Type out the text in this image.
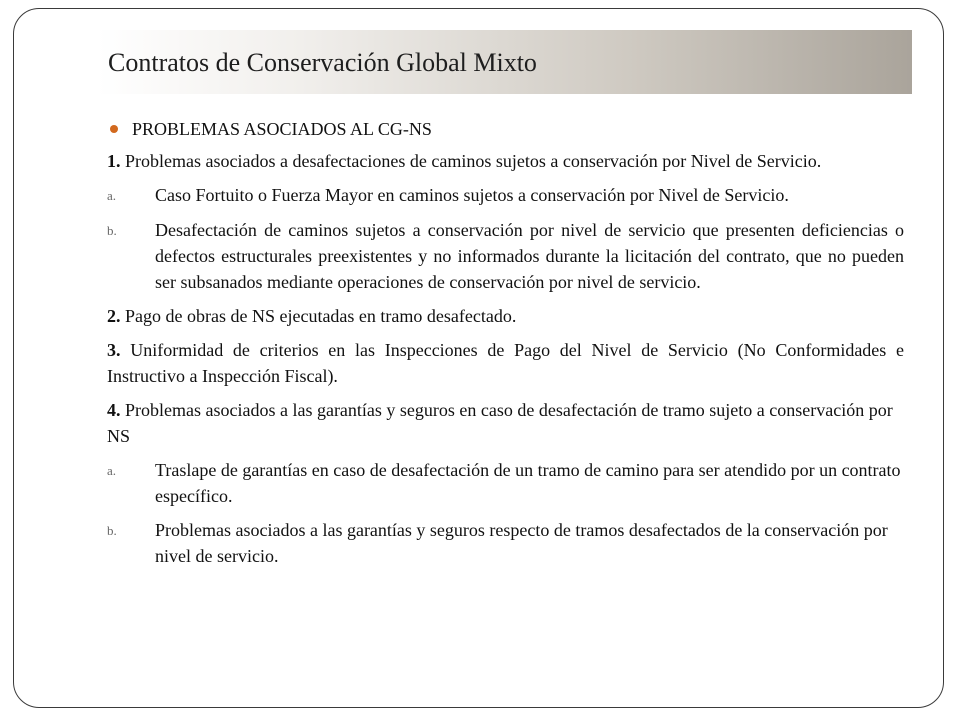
Contratos de Conservación Global Mixto
PROBLEMAS ASOCIADOS AL CG-NS

1. Problemas asociados a desafectaciones de caminos sujetos a conservación por Nivel de Servicio.

a.	Caso Fortuito o Fuerza Mayor en caminos sujetos a conservación por Nivel de Servicio.
b.	Desafectación de caminos sujetos a conservación por nivel de servicio que presenten deficiencias o defectos estructurales preexistentes y no informados durante la licitación del contrato, que no pueden ser subsanados mediante operaciones de conservación por nivel de servicio.

2. Pago de obras de NS ejecutadas en tramo desafectado.

3. Uniformidad de criterios en las Inspecciones de Pago del Nivel de Servicio (No Conformidades e Instructivo a Inspección Fiscal).

4. Problemas asociados a las garantías y seguros en caso de desafectación de tramo sujeto a conservación por NS

a.	Traslape de garantías en caso de desafectación de un tramo de camino para ser atendido por un contrato específico.
b.	Problemas asociados a las garantías y seguros respecto de tramos desafectados de la conservación por nivel de servicio.
